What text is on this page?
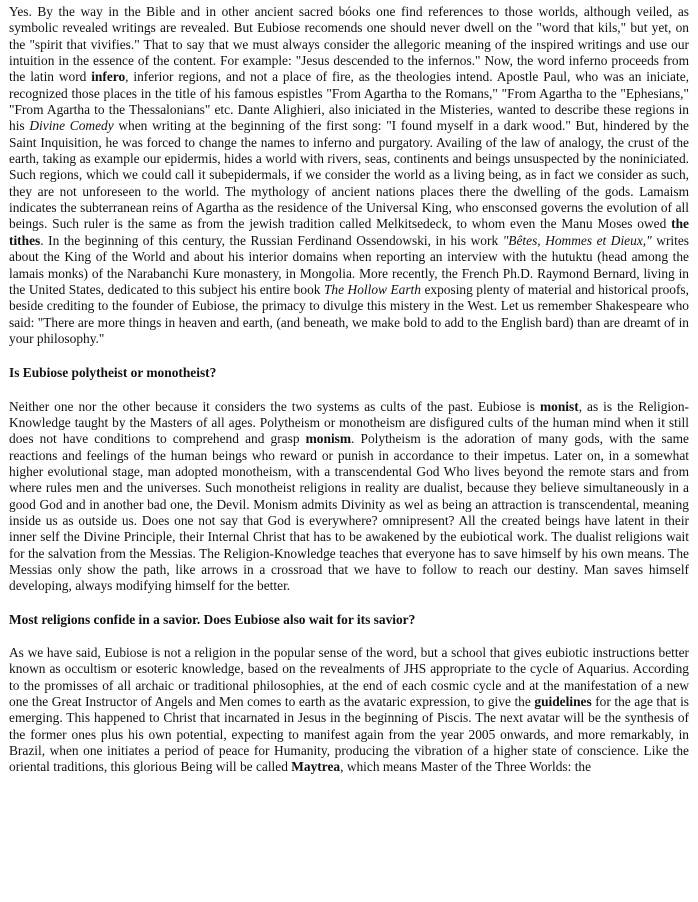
Yes. By the way in the Bible and in other ancient sacred bóoks one find references to those worlds, although veiled, as symbolic revealed writings are revealed. But Eubiose recomends one should never dwell on the "word that kils," but yet, on the "spirit that vivifies." That to say that we must always consider the allegoric meaning of the inspired writings and use our intuition in the essence of the content. For example: "Jesus descended to the infernos." Now, the word inferno proceeds from the latin word infero, inferior regions, and not a place of fire, as the theologies intend. Apostle Paul, who was an iniciate, recognized those places in the title of his famous espistles "From Agartha to the Romans," "From Agartha to the "Ephesians," "From Agartha to the Thessalonians" etc. Dante Alighieri, also iniciated in the Misteries, wanted to describe these regions in his Divine Comedy when writing at the beginning of the first song: "I found myself in a dark wood." But, hindered by the Saint Inquisition, he was forced to change the names to inferno and purgatory. Availing of the law of analogy, the crust of the earth, taking as example our epidermis, hides a world with rivers, seas, continents and beings unsuspected by the noniniciated. Such regions, which we could call it subepidermals, if we consider the world as a living being, as in fact we consider as such, they are not unforeseen to the world. The mythology of ancient nations places there the dwelling of the gods. Lamaism indicates the subterranean reins of Agartha as the residence of the Universal King, who ensconsed governs the evolution of all beings. Such ruler is the same as from the jewish tradition called Melkitsedeck, to whom even the Manu Moses owed the tithes. In the beginning of this century, the Russian Ferdinand Ossendowski, in his work "Bêtes, Hommes et Dieux," writes about the King of the World and about his interior domains when reporting an interview with the hutuktu (head among the lamais monks) of the Narabanchi Kure monastery, in Mongolia. More recently, the French Ph.D. Raymond Bernard, living in the United States, dedicated to this subject his entire book The Hollow Earth exposing plenty of material and historical proofs, beside crediting to the founder of Eubiose, the primacy to divulge this mistery in the West. Let us remember Shakespeare who said: "There are more things in heaven and earth, (and beneath, we make bold to add to the English bard) than are dreamt of in your philosophy."

Is Eubiose polytheist or monotheist?

Neither one nor the other because it considers the two systems as cults of the past. Eubiose is monist, as is the Religion-Knowledge taught by the Masters of all ages. Polytheism or monotheism are disfigured cults of the human mind when it still does not have conditions to comprehend and grasp monism. Polytheism is the adoration of many gods, with the same reactions and feelings of the human beings who reward or punish in accordance to their impetus. Later on, in a somewhat higher evolutional stage, man adopted monotheism, with a transcendental God Who lives beyond the remote stars and from where rules men and the universes. Such monotheist religions in reality are dualist, because they believe simultaneously in a good God and in another bad one, the Devil. Monism admits Divinity as wel as being an attraction is transcendental, meaning inside us as outside us. Does one not say that God is everywhere? omnipresent? All the created beings have latent in their inner self the Divine Principle, their Internal Christ that has to be awakened by the eubiotical work. The dualist religions wait for the salvation from the Messias. The Religion-Knowledge teaches that everyone has to save himself by his own means. The Messias only show the path, like arrows in a crossroad that we have to follow to reach our destiny. Man saves himself developing, always modifying himself for the better.

Most religions confide in a savior. Does Eubiose also wait for its savior?

As we have said, Eubiose is not a religion in the popular sense of the word, but a school that gives eubiotic instructions better known as occultism or esoteric knowledge, based on the revealments of JHS appropriate to the cycle of Aquarius. According to the promisses of all archaic or traditional philosophies, at the end of each cosmic cycle and at the manifestation of a new one the Great Instructor of Angels and Men comes to earth as the avataric expression, to give the guidelines for the age that is emerging. This happened to Christ that incarnated in Jesus in the beginning of Piscis. The next avatar will be the synthesis of the former ones plus his own potential, expecting to manifest again from the year 2005 onwards, and more remarkably, in Brazil, when one initiates a period of peace for Humanity, producing the vibration of a higher state of conscience. Like the oriental traditions, this glorious Being will be called Maytrea, which means Master of the Three Worlds: the
